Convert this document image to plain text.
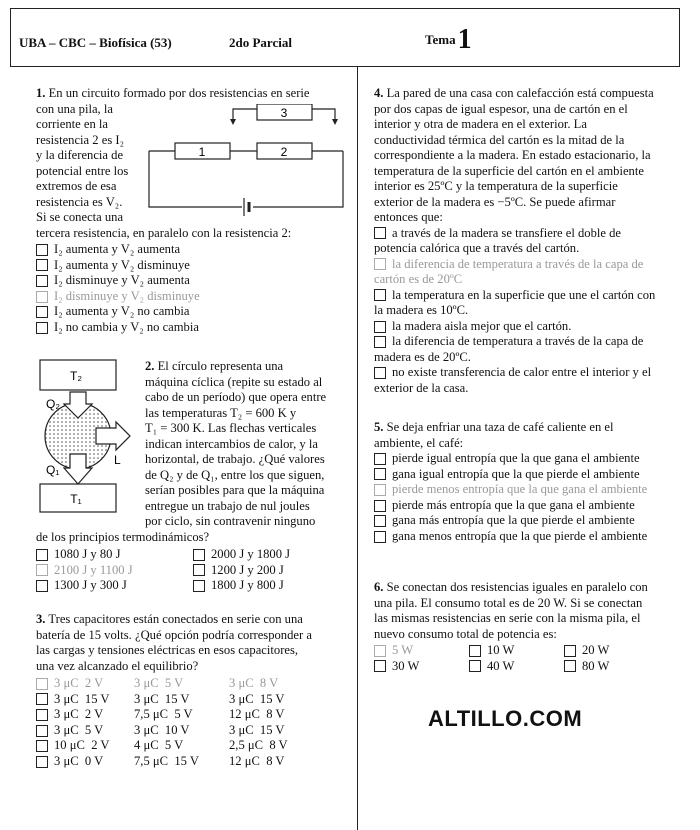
UBA – CBC – Biofísica (53)	2do Parcial	Tema1
1. En un circuito formado por dos resistencias en serie
con una pila, la
corriente en la
resistencia 2 es I₂
y la diferencia de
potencial entre los
extremos de esa
resistencia es V₂.
Si se conecta una
tercera resistencia, en paralelo con la resistencia 2:
I₂ aumenta y V₂ aumenta
I₂ aumenta y V₂ disminuye
I₂ disminuye y V₂ aumenta
I₂ disminuye y V₂ disminuye
I₂ aumenta y V₂ no cambia
I₂ no cambia y V₂ no cambia
3
1	2
T₂
T₁
Q₂
Q₁
L
2. El círculo representa una
máquina cíclica (repite su estado al
cabo de un período) que opera entre
las temperaturas T₂ = 600 K y
T₁ = 300 K. Las flechas verticales
indican intercambios de calor, y la
horizontal, de trabajo. ¿Qué valores
de Q₂ y de Q₁, entre los que siguen,
serían posibles para que la máquina
entregue un trabajo de nul joules
por ciclo, sin contravenir ninguno
de los principios termodinámicos?
1080 J y 80 J	2000 J y 1800 J
2100 J y 1100 J	1200 J y 200 J
1300 J y 300 J	1800 J y 800 J
3. Tres capacitores están conectados en serie con una
batería de 15 volts. ¿Qué opción podría corresponder a
las cargas y tensiones eléctricas en esos capacitores,
una vez alcanzado el equilibrio?
3 μC  2 V	3 μC  5 V	3 μC  8 V
3 μC  15 V	3 μC  15 V	3 μC  15 V
3 μC  2 V	7,5 μC  5 V	12 μC  8 V
3 μC  5 V	3 μC  10 V	3 μC  15 V
10 μC  2 V	4 μC  5 V	2,5 μC  8 V
3 μC  0 V	7,5 μC  15 V	12 μC  8 V
4. La pared de una casa con calefacción está compuesta
por dos capas de igual espesor, una de cartón en el
interior y otra de madera en el exterior. La
conductividad térmica del cartón es la mitad de la
correspondiente a la madera. En estado estacionario, la
temperatura de la superficie del cartón en el ambiente
interior es 25ºC y la temperatura de la superficie
exterior de la madera es −5ºC. Se puede afirmar
entonces que:
a través de la madera se transfiere el doble de
potencia calórica que a través del cartón.
la diferencia de temperatura a través de la capa de
cartón es de 20ºC
la temperatura en la superficie que une el cartón con
la madera es 10ºC.
la madera aisla mejor que el cartón.
la diferencia de temperatura a través de la capa de
madera es de 20ºC.
no existe transferencia de calor entre el interior y el
exterior de la casa.
5. Se deja enfriar una taza de café caliente en el
ambiente, el café:
pierde igual entropía que la que gana el ambiente
gana igual entropía que la que pierde el ambiente
pierde menos entropía que la que gana el ambiente
pierde más entropía que la que gana el ambiente
gana más entropía que la que pierde el ambiente
gana menos entropía que la que pierde el ambiente
6. Se conectan dos resistencias iguales en paralelo con
una pila. El consumo total es de 20 W. Si se conectan
las mismas resistencias en serie con la misma pila, el
nuevo consumo total de potencia es:
5 W	10 W	20 W
30 W	40 W	80 W
ALTILLO.COM
